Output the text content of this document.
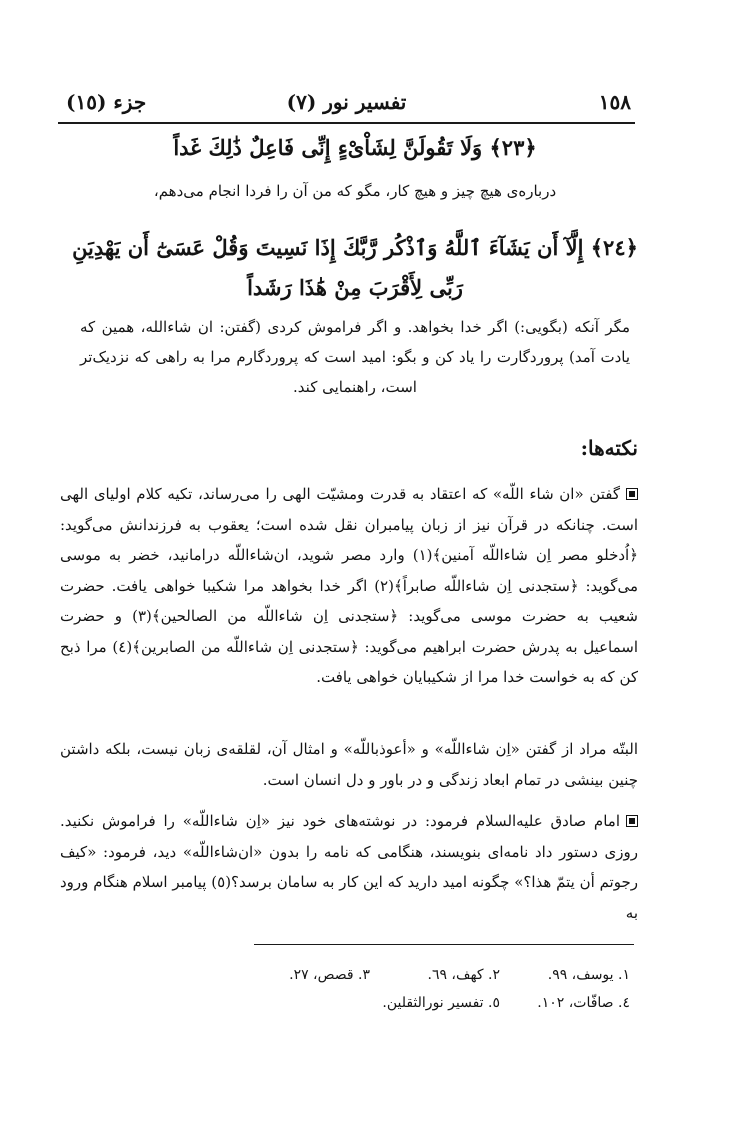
١٥٨
تفسیر نور (٧)
جزء (١٥)
﴿٢٣﴾ وَلَا تَقُولَنَّ لِشَاْیْءٍ إِنِّی فَاعِلٌ ذَٰلِكَ غَداً
درباره‌ی هیچ چیز و هیچ کار، مگو که من آن را فردا انجام می‌دهم،
﴿٢٤﴾ إِلَّآ أَن يَشَآءَ ٱللَّهُ وَٱذْكُر رَّبَّكَ إِذَا نَسِيتَ وَقُلْ عَسَىٰٓ أَن يَهْدِيَنِ رَبِّى لِأَقْرَبَ مِنْ هَٰذَا رَشَداً
مگر آنکه (بگویی:) اگر خدا بخواهد. و اگر فراموش کردی (گفتن: ان شاءالله، همین که یادت آمد) پروردگارت را یاد کن و بگو: امید است که پروردگارم مرا به راهی که نزدیک‌تر است، راهنمایی کند.
نکته‌ها:
گفتن «ان شاء اللّه» که اعتقاد به قدرت ومشیّت الهی را می‌رساند، تکیه کلام اولیای الهی است. چنانکه در قرآن نیز از زبان پیامبران نقل شده است؛ یعقوب به فرزندانش می‌گوید: ﴿اُدخلو مصر اِن شاءاللّه آمنین﴾(١) وارد مصر شوید، ان‌شاءاللّه درامانید، خضر به موسی می‌گوید: ﴿ستجدنی اِن شاءاللّه صابراً﴾(٢) اگر خدا بخواهد مرا شکیبا خواهی یافت. حضرت شعیب به حضرت موسی می‌گوید: ﴿ستجدنی اِن شاءاللّه من الصالحین﴾(٣) و حضرت اسماعیل به پدرش حضرت ابراهیم می‌گوید: ﴿ستجدنی اِن شاءاللّه من الصابرین﴾(٤) مرا ذبح کن که به خواست خدا مرا از شکیبایان خواهی یافت.
البتّه مراد از گفتن «اِن شاءاللّه» و «أعوذباللّه» و امثال آن، لقلقه‌ی زبان نیست، بلکه داشتن چنین بینشی در تمام ابعاد زندگی و در باور و دل انسان است.
امام صادق علیه‌السلام فرمود: در نوشته‌های خود نیز «اِن شاءاللّه» را فراموش نکنید. روزی دستور داد نامه‌ای بنویسند، هنگامی که نامه را بدون «ان‌شاءاللّه» دید، فرمود: «کیف رجوتم أن یتمّ هذا؟» چگونه امید دارید که این کار به سامان برسد؟(٥) پیامبر اسلام هنگام ورود به
١. یوسف، ٩٩.٢. کهف، ٦٩.٣. قصص، ٢٧.
٤. صافّات، ١٠٢.٥. تفسیر نورالثقلین.
